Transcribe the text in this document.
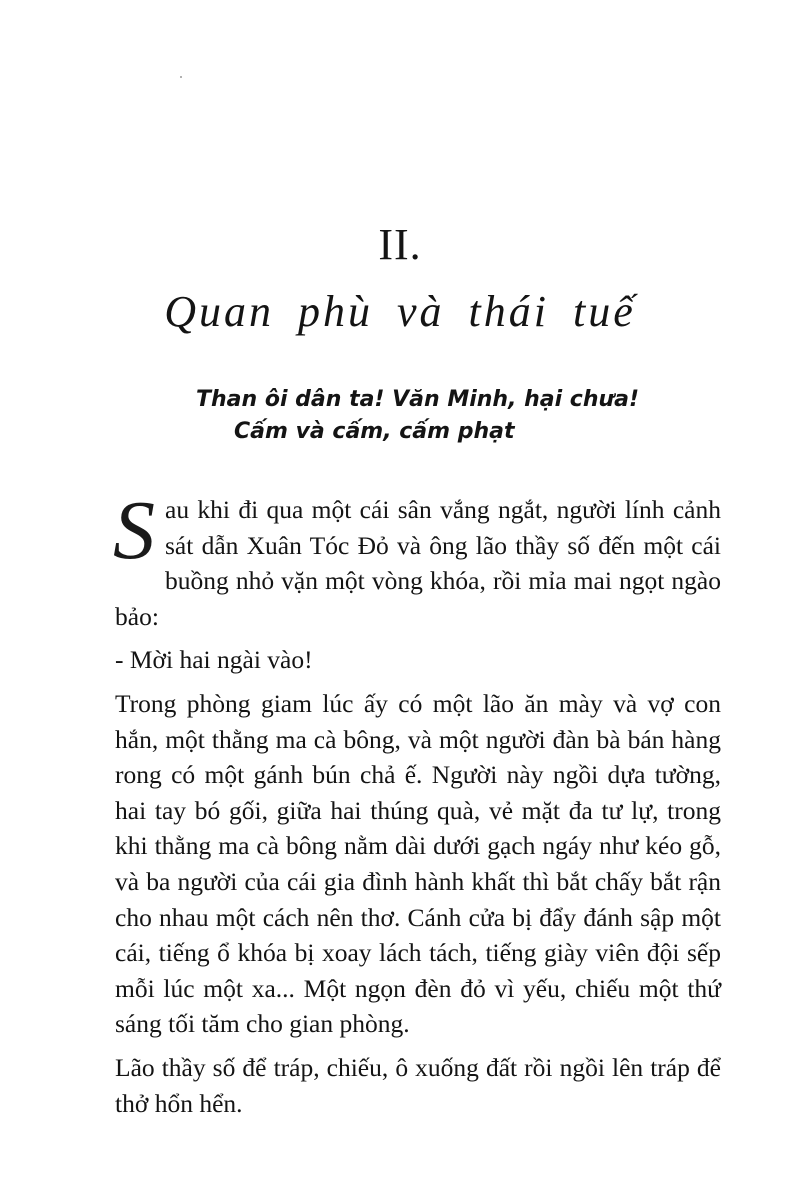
II.
Quan phù và thái tuế
Than ôi dân ta! Văn Minh, hại chưa!
Cấm và cấm, cấm phạt

Sau khi đi qua một cái sân vắng ngắt, người lính cảnh sát dẫn Xuân Tóc Đỏ và ông lão thầy số đến một cái buồng nhỏ vặn một vòng khóa, rồi mỉa mai ngọt ngào bảo:

- Mời hai ngài vào!

Trong phòng giam lúc ấy có một lão ăn mày và vợ con hắn, một thằng ma cà bông, và một người đàn bà bán hàng rong có một gánh bún chả ế. Người này ngồi dựa tường, hai tay bó gối, giữa hai thúng quà, vẻ mặt đa tư lự, trong khi thằng ma cà bông nằm dài dưới gạch ngáy như kéo gỗ, và ba người của cái gia đình hành khất thì bắt chấy bắt rận cho nhau một cách nên thơ. Cánh cửa bị đẩy đánh sập một cái, tiếng ổ khóa bị xoay lách tách, tiếng giày viên đội sếp mỗi lúc một xa... Một ngọn đèn đỏ vì yếu, chiếu một thứ sáng tối tăm cho gian phòng.

Lão thầy số để tráp, chiếu, ô xuống đất rồi ngồi lên tráp để thở hổn hển.
